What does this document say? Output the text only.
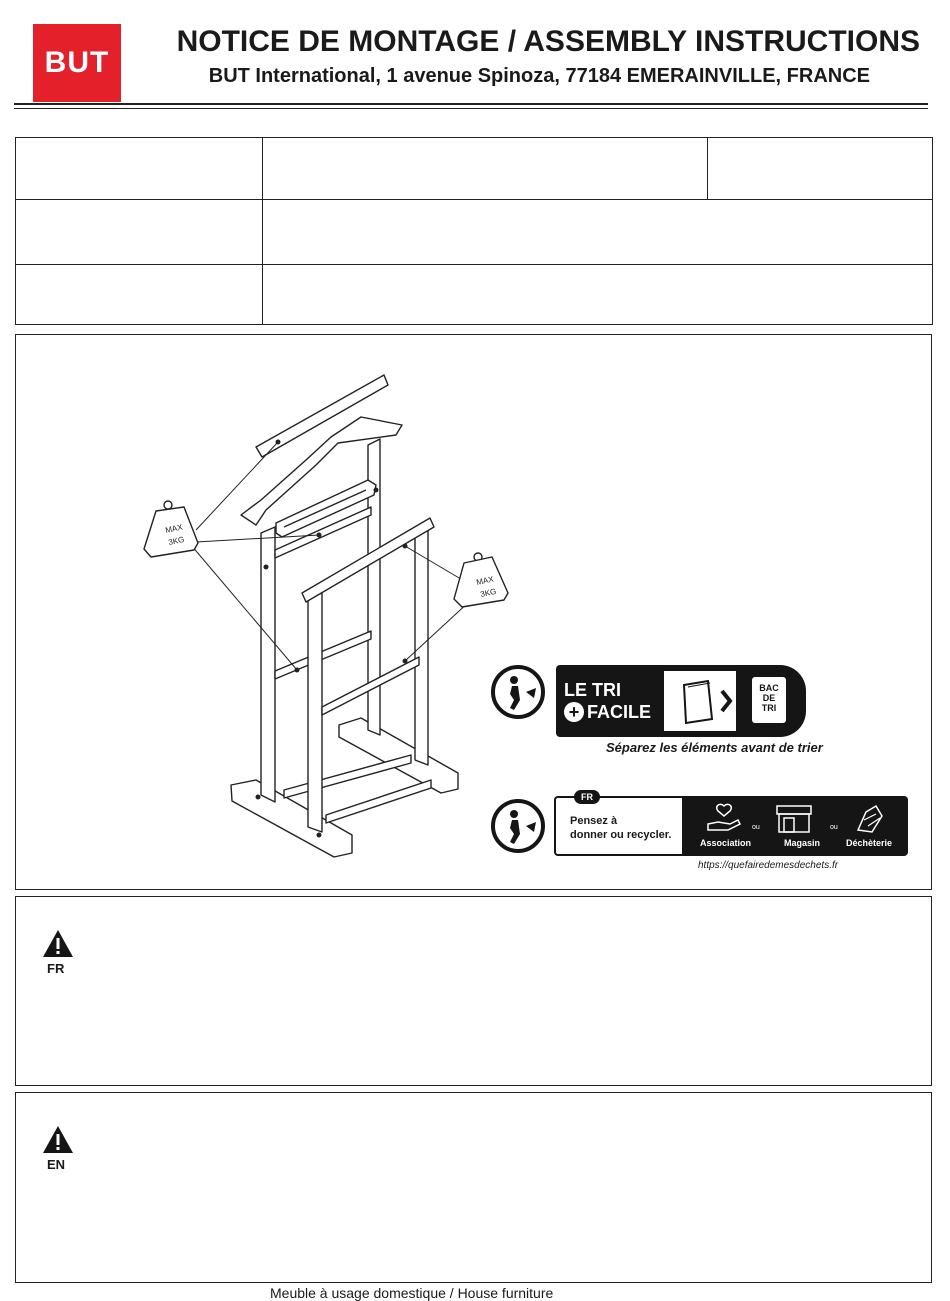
BUT
NOTICE DE MONTAGE / ASSEMBLY INSTRUCTIONS
BUT International, 1 avenue Spinoza, 77184 EMERAINVILLE, FRANCE

MAX
3KG
MAX
3KG
LE TRI
+ FACILE
BAC
DE
TRI
Séparez les éléments avant de trier
ou	ou
Association	Magasin	Déchèterie
Pensez à
donner ou recycler.
FR
https://quefairedemesdechets.fr
FR
EN
Meuble à usage domestique / House furniture
